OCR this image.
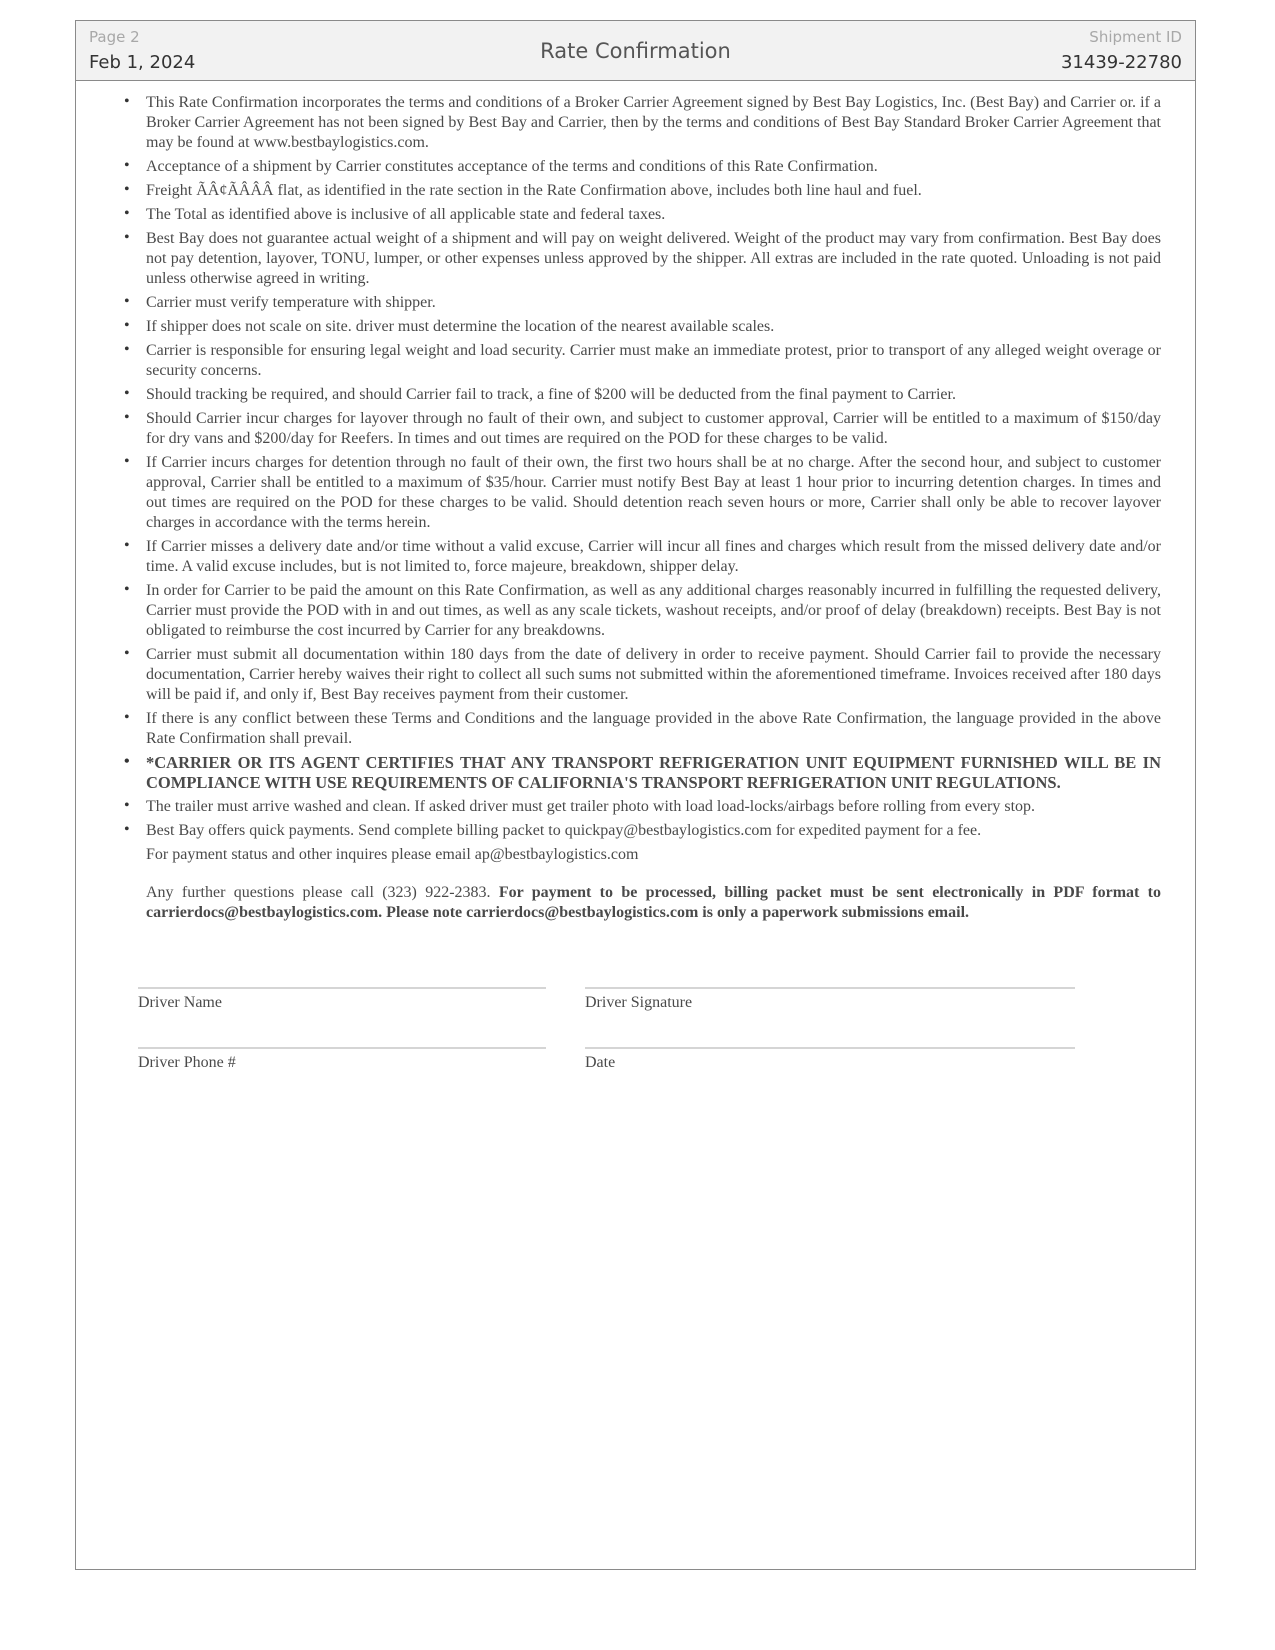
Page 2
Feb 1, 2024	Rate Confirmation
Shipment ID
31439-22780
• This Rate Confirmation incorporates the terms and conditions of a Broker Carrier Agreement signed by Best Bay Logistics, Inc. (Best Bay) and Carrier or. if a Broker Carrier Agreement has not been signed by Best Bay and Carrier, then by the terms and conditions of Best Bay Standard Broker Carrier Agreement that may be found at www.bestbaylogistics.com.
• Acceptance of a shipment by Carrier constitutes acceptance of the terms and conditions of this Rate Confirmation.
• Freight ÃÂ¢ÃÂÂÂ flat, as identified in the rate section in the Rate Confirmation above, includes both line haul and fuel.
• The Total as identified above is inclusive of all applicable state and federal taxes.
• Best Bay does not guarantee actual weight of a shipment and will pay on weight delivered. Weight of the product may vary from confirmation. Best Bay does not pay detention, layover, TONU, lumper, or other expenses unless approved by the shipper. All extras are included in the rate quoted. Unloading is not paid unless otherwise agreed in writing.
• Carrier must verify temperature with shipper.
• If shipper does not scale on site. driver must determine the location of the nearest available scales.
• Carrier is responsible for ensuring legal weight and load security. Carrier must make an immediate protest, prior to transport of any alleged weight overage or security concerns.
• Should tracking be required, and should Carrier fail to track, a fine of $200 will be deducted from the final payment to Carrier.
• Should Carrier incur charges for layover through no fault of their own, and subject to customer approval, Carrier will be entitled to a maximum of $150/day for dry vans and $200/day for Reefers. In times and out times are required on the POD for these charges to be valid.
• If Carrier incurs charges for detention through no fault of their own, the first two hours shall be at no charge. After the second hour, and subject to customer approval, Carrier shall be entitled to a maximum of $35/hour. Carrier must notify Best Bay at least 1 hour prior to incurring detention charges. In times and out times are required on the POD for these charges to be valid. Should detention reach seven hours or more, Carrier shall only be able to recover layover charges in accordance with the terms herein.
• If Carrier misses a delivery date and/or time without a valid excuse, Carrier will incur all fines and charges which result from the missed delivery date and/or time. A valid excuse includes, but is not limited to, force majeure, breakdown, shipper delay.
• In order for Carrier to be paid the amount on this Rate Confirmation, as well as any additional charges reasonably incurred in fulfilling the requested delivery, Carrier must provide the POD with in and out times, as well as any scale tickets, washout receipts, and/or proof of delay (breakdown) receipts. Best Bay is not obligated to reimburse the cost incurred by Carrier for any breakdowns.
• Carrier must submit all documentation within 180 days from the date of delivery in order to receive payment. Should Carrier fail to provide the necessary documentation, Carrier hereby waives their right to collect all such sums not submitted within the aforementioned timeframe. Invoices received after 180 days will be paid if, and only if, Best Bay receives payment from their customer.
• If there is any conflict between these Terms and Conditions and the language provided in the above Rate Confirmation, the language provided in the above Rate Confirmation shall prevail.
• *CARRIER OR ITS AGENT CERTIFIES THAT ANY TRANSPORT REFRIGERATION UNIT EQUIPMENT FURNISHED WILL BE IN COMPLIANCE WITH USE REQUIREMENTS OF CALIFORNIA'S TRANSPORT REFRIGERATION UNIT REGULATIONS.
• The trailer must arrive washed and clean. If asked driver must get trailer photo with load load-locks/airbags before rolling from every stop.
• Best Bay offers quick payments. Send complete billing packet to quickpay@bestbaylogistics.com for expedited payment for a fee.
For payment status and other inquires please email ap@bestbaylogistics.com
Any further questions please call (323) 922-2383. For payment to be processed, billing packet must be sent electronically in PDF format to carrierdocs@bestbaylogistics.com. Please note carrierdocs@bestbaylogistics.com is only a paperwork submissions email.
Driver Name	Driver Signature
Driver Phone #	Date
